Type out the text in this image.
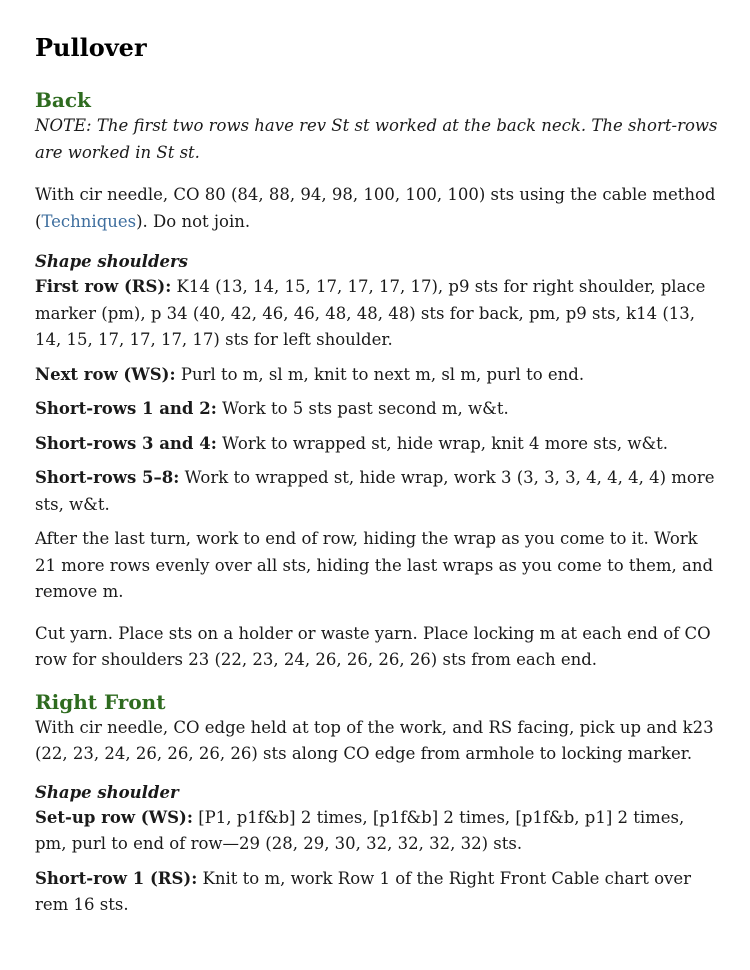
Pullover
Back

NOTE: The first two rows have rev St st worked at the back neck. The short-rows are worked in St st.

With cir needle, CO 80 (84, 88, 94, 98, 100, 100, 100) sts using the cable method (Techniques). Do not join.

Shape shoulders

First row (RS): K14 (13, 14, 15, 17, 17, 17, 17), p9 sts for right shoulder, place marker (pm), p 34 (40, 42, 46, 46, 48, 48, 48) sts for back, pm, p9 sts, k14 (13, 14, 15, 17, 17, 17, 17) sts for left shoulder.

Next row (WS): Purl to m, sl m, knit to next m, sl m, purl to end.

Short-rows 1 and 2: Work to 5 sts past second m, w&t.

Short-rows 3 and 4: Work to wrapped st, hide wrap, knit 4 more sts, w&t.

Short-rows 5–8: Work to wrapped st, hide wrap, work 3 (3, 3, 3, 4, 4, 4, 4) more sts, w&t.

After the last turn, work to end of row, hiding the wrap as you come to it. Work 21 more rows evenly over all sts, hiding the last wraps as you come to them, and remove m.

Cut yarn. Place sts on a holder or waste yarn. Place locking m at each end of CO row for shoulders 23 (22, 23, 24, 26, 26, 26, 26) sts from each end.

Right Front

With cir needle, CO edge held at top of the work, and RS facing, pick up and k23 (22, 23, 24, 26, 26, 26, 26) sts along CO edge from armhole to locking marker.

Shape shoulder

Set-up row (WS): [P1, p1f&b] 2 times, [p1f&b] 2 times, [p1f&b, p1] 2 times, pm, purl to end of row—29 (28, 29, 30, 32, 32, 32, 32) sts.

Short-row 1 (RS): Knit to m, work Row 1 of the Right Front Cable chart over rem 16 sts.
